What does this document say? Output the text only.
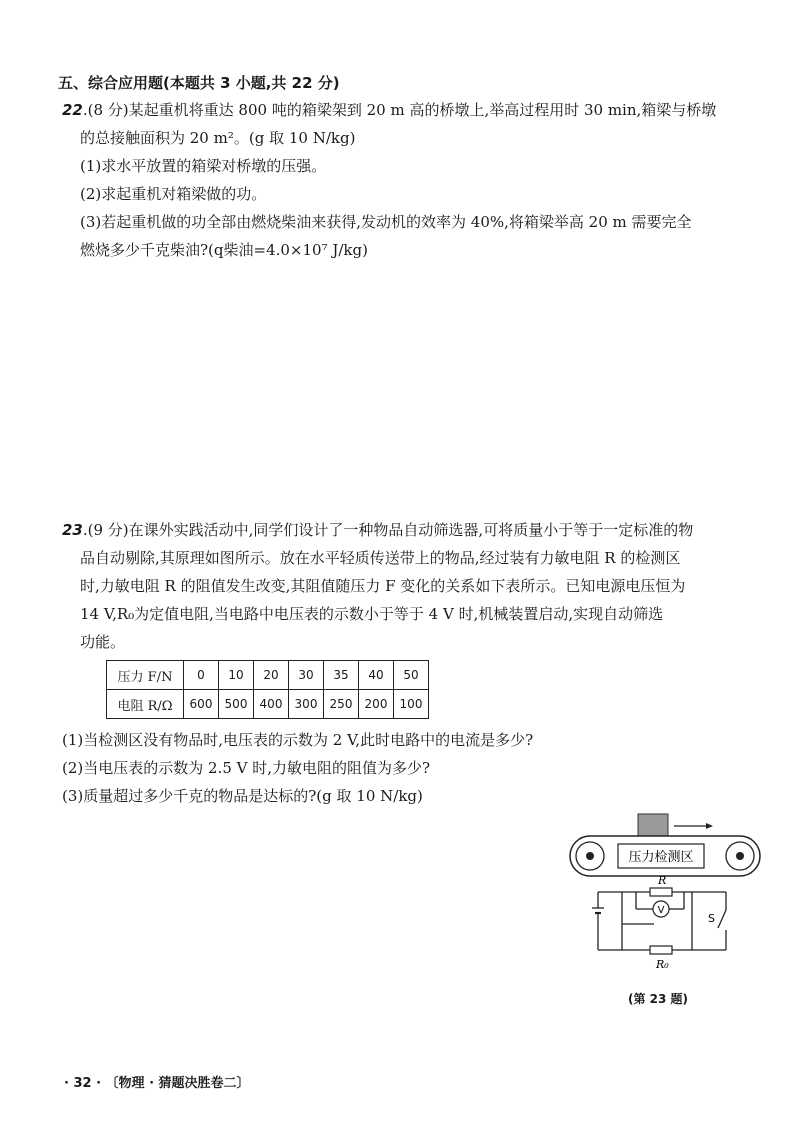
五、综合应用题(本题共 3 小题,共 22 分)
22.(8 分)某起重机将重达 800 吨的箱梁架到 20 m 高的桥墩上,举高过程用时 30 min,箱梁与桥墩
的总接触面积为 20 m²。(g 取 10 N/kg)
(1)求水平放置的箱梁对桥墩的压强。
(2)求起重机对箱梁做的功。
(3)若起重机做的功全部由燃烧柴油来获得,发动机的效率为 40%,将箱梁举高 20 m 需要完全
燃烧多少千克柴油?(q柴油=4.0×10⁷ J/kg)
23.(9 分)在课外实践活动中,同学们设计了一种物品自动筛选器,可将质量小于等于一定标准的物
品自动剔除,其原理如图所示。放在水平轻质传送带上的物品,经过装有力敏电阻 R 的检测区
时,力敏电阻 R 的阻值发生改变,其阻值随压力 F 变化的关系如下表所示。已知电源电压恒为
14 V,R₀为定值电阻,当电路中电压表的示数小于等于 4 V 时,机械装置启动,实现自动筛选
功能。
压力 F/N	0	10	20	30	35	40	50
电阻 R/Ω	600	500	400	300	250	200	100
(1)当检测区没有物品时,电压表的示数为 2 V,此时电路中的电流是多少?
(2)当电压表的示数为 2.5 V 时,力敏电阻的阻值为多少?
(3)质量超过多少千克的物品是达标的?(g 取 10 N/kg)
压力检测区
S
R
V
R₀
(第 23 题)
· 32 · 〔物理 · 猜题决胜卷二〕
